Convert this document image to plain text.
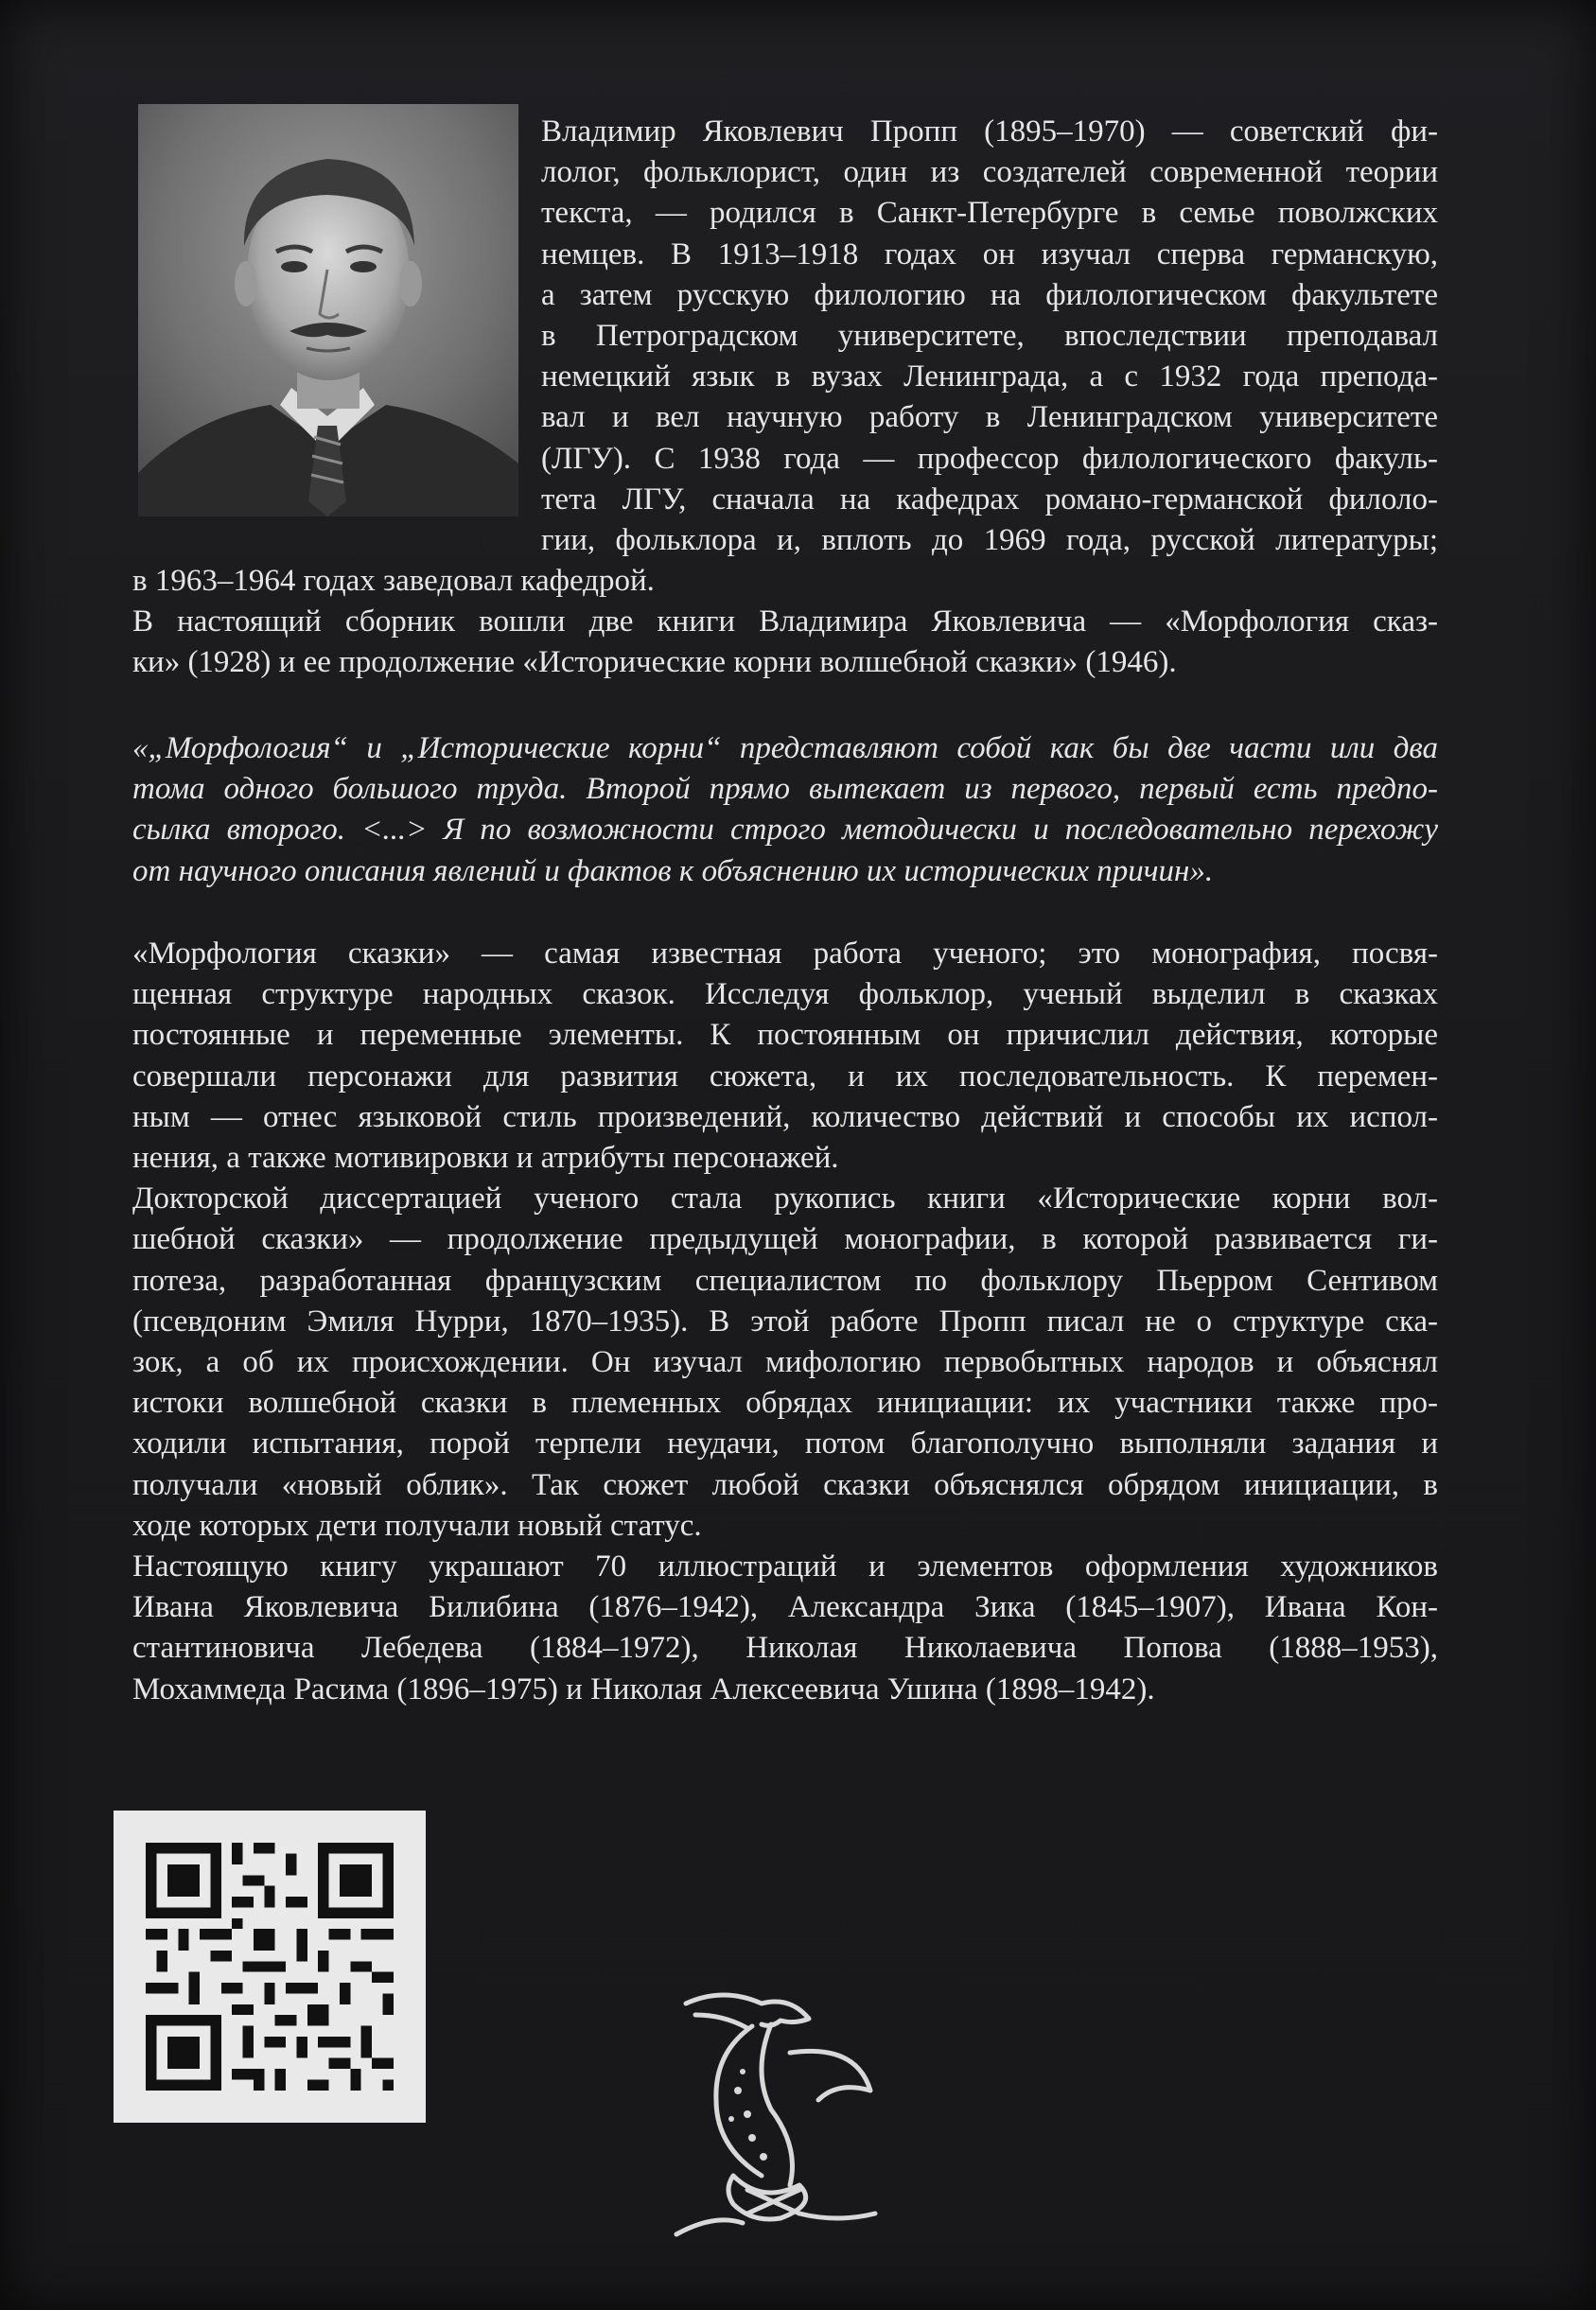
Владимир Яковлевич Пропп (1895–1970) — советский фи-
лолог, фольклорист, один из создателей современной теории
текста, — родился в Санкт-Петербурге в семье поволжских
немцев. В 1913–1918 годах он изучал сперва германскую,
а затем русскую филологию на филологическом факультете
в Петроградском университете, впоследствии преподавал
немецкий язык в вузах Ленинграда, а с 1932 года препода-
вал и вел научную работу в Ленинградском университете
(ЛГУ). С 1938 года — профессор филологического факуль-
тета ЛГУ, сначала на кафедрах романо-германской филоло-
гии, фольклора и, вплоть до 1969 года, русской литературы;

в 1963–1964 годах заведовал кафедрой.

В настоящий сборник вошли две книги Владимира Яковлевича — «Морфология сказ-
ки» (1928) и ее продолжение «Исторические корни волшебной сказки» (1946).

«„Морфология“ и „Исторические корни“ представляют собой как бы две части или два
тома одного большого труда. Второй прямо вытекает из первого, первый есть предпо-
сылка второго. <...> Я по возможности строго методически и последовательно перехожу
от научного описания явлений и фактов к объяснению их исторических причин».

«Морфология сказки» — самая известная работа ученого; это монография, посвя-
щенная структуре народных сказок. Исследуя фольклор, ученый выделил в сказках
постоянные и переменные элементы. К постоянным он причислил действия, которые
совершали персонажи для развития сюжета, и их последовательность. К перемен-
ным — отнес языковой стиль произведений, количество действий и способы их испол-
нения, а также мотивировки и атрибуты персонажей.

Докторской диссертацией ученого стала рукопись книги «Исторические корни вол-
шебной сказки» — продолжение предыдущей монографии, в которой развивается ги-
потеза, разработанная французским специалистом по фольклору Пьерром Сентивом
(псевдоним Эмиля Нурри, 1870–1935). В этой работе Пропп писал не о структуре ска-
зок, а об их происхождении. Он изучал мифологию первобытных народов и объяснял
истоки волшебной сказки в племенных обрядах инициации: их участники также про-
ходили испытания, порой терпели неудачи, потом благополучно выполняли задания и
получали «новый облик». Так сюжет любой сказки объяснялся обрядом инициации, в
ходе которых дети получали новый статус.

Настоящую книгу украшают 70 иллюстраций и элементов оформления художников
Ивана Яковлевича Билибина (1876–1942), Александра Зика (1845–1907), Ивана Кон-
стантиновича Лебедева (1884–1972), Николая Николаевича Попова (1888–1953),
Мохаммеда Расима (1896–1975) и Николая Алексеевича Ушина (1898–1942).
